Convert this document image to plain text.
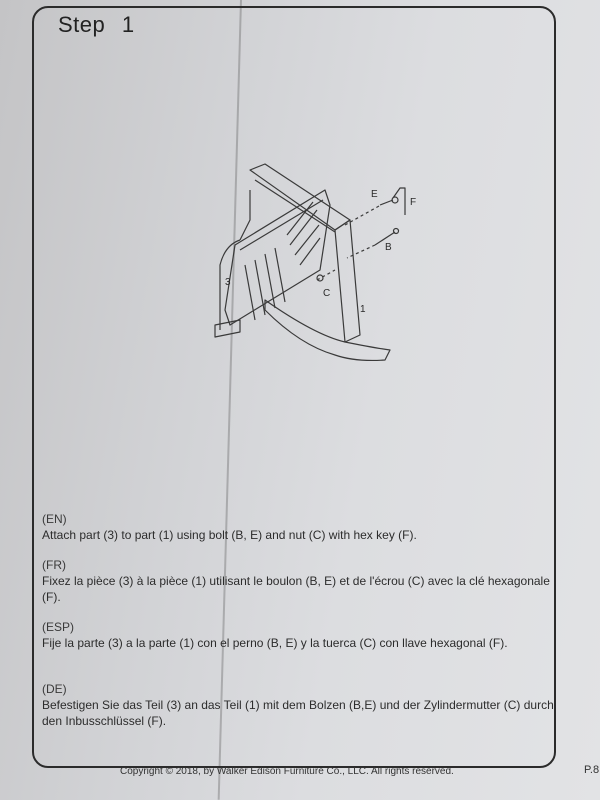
Step 1
3
1
C
B
E
F
(EN)
Attach part (3) to part (1) using bolt (B, E) and nut (C) with hex key (F).
(FR)
Fixez la pièce (3) à la pièce (1) utilisant le boulon (B, E) et de l'écrou (C) avec la clé hexagonale (F).
(ESP)
Fije la parte (3) a la parte (1) con el perno (B, E) y la tuerca (C) con llave hexagonal (F).
(DE)
Befestigen Sie das Teil (3) an das Teil (1) mit dem Bolzen (B,E) und der Zylindermutter (C) durch den Inbusschlüssel (F).
Copyright © 2018, by Walker Edison Furniture Co., LLC. All rights reserved.	P.8
